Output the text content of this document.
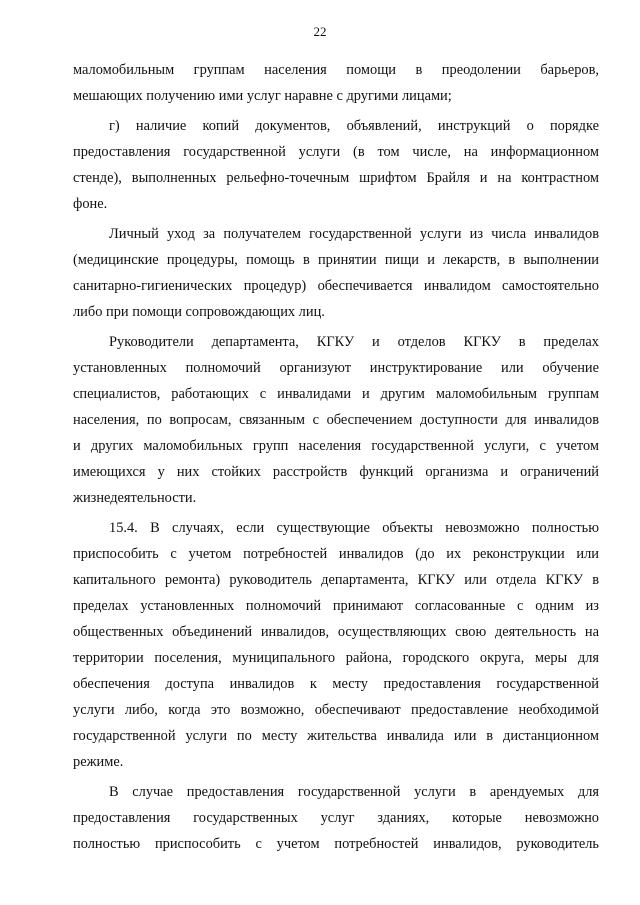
22

маломобильным группам населения помощи в преодолении барьеров,
мешающих получению ими услуг наравне с другими лицами;

г) наличие копий документов, объявлений, инструкций о порядке
предоставления государственной услуги (в том числе, на информационном
стенде), выполненных рельефно-точечным шрифтом Брайля и на контрастном
фоне.

Личный уход за получателем государственной услуги из числа инвалидов
(медицинские процедуры, помощь в принятии пищи и лекарств, в выполнении
санитарно-гигиенических процедур) обеспечивается инвалидом самостоятельно
либо при помощи сопровождающих лиц.

Руководители департамента, КГКУ и отделов КГКУ в пределах
установленных полномочий организуют инструктирование или обучение
специалистов, работающих с инвалидами и другим маломобильным группам
населения, по вопросам, связанным с обеспечением доступности для инвалидов
и других маломобильных групп населения государственной услуги, с учетом
имеющихся у них стойких расстройств функций организма и ограничений
жизнедеятельности.

15.4. В случаях, если существующие объекты невозможно полностью
приспособить с учетом потребностей инвалидов (до их реконструкции или
капитального ремонта) руководитель департамента, КГКУ или отдела КГКУ в
пределах установленных полномочий принимают согласованные с одним из
общественных объединений инвалидов, осуществляющих свою деятельность на
территории поселения, муниципального района, городского округа, меры для
обеспечения доступа инвалидов к месту предоставления государственной
услуги либо, когда это возможно, обеспечивают предоставление необходимой
государственной услуги по месту жительства инвалида или в дистанционном
режиме.

В случае предоставления государственной услуги в арендуемых для
предоставления государственных услуг зданиях, которые невозможно
полностью приспособить с учетом потребностей инвалидов, руководитель
